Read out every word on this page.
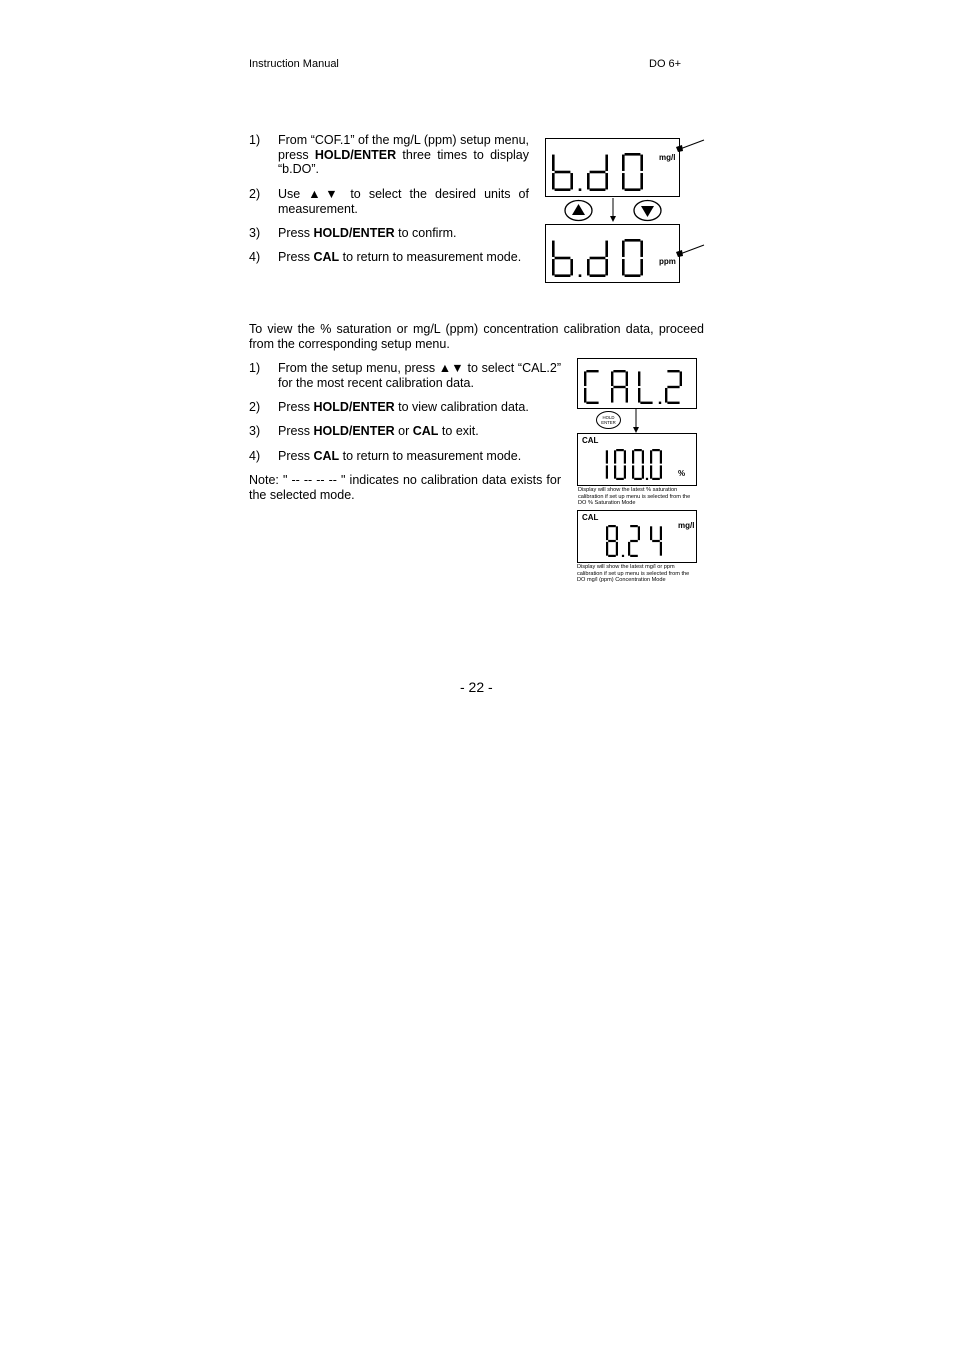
Instruction Manual	DO 6+
1) From “COF.1” of the mg/L (ppm) setup menu, press HOLD/ENTER three times to display “b.DO”.
2) Use ▲▼ to select the desired units of measurement.
3) Press HOLD/ENTER to confirm.
4) Press CAL to return to measurement mode.
mg/l
ppm
To view the % saturation or mg/L (ppm) concentration calibration data, proceed from the corresponding setup menu.
1) From the setup menu, press ▲▼ to select “CAL.2” for the most recent calibration data.
2) Press HOLD/ENTER to view calibration data.
3) Press HOLD/ENTER or CAL to exit.
4) Press CAL to return to measurement mode.
Note: " -- -- -- -- " indicates no calibration data exists for the selected mode.
HOLD
ENTER
CAL
%
Display will show the latest % saturation calibration if set up menu is selected from the DO % Saturation Mode
CAL
mg/l
Display will show the latest mg/l or ppm calibration if set up menu is selected from the DO mg/l (ppm) Concentration Mode
- 22 -
